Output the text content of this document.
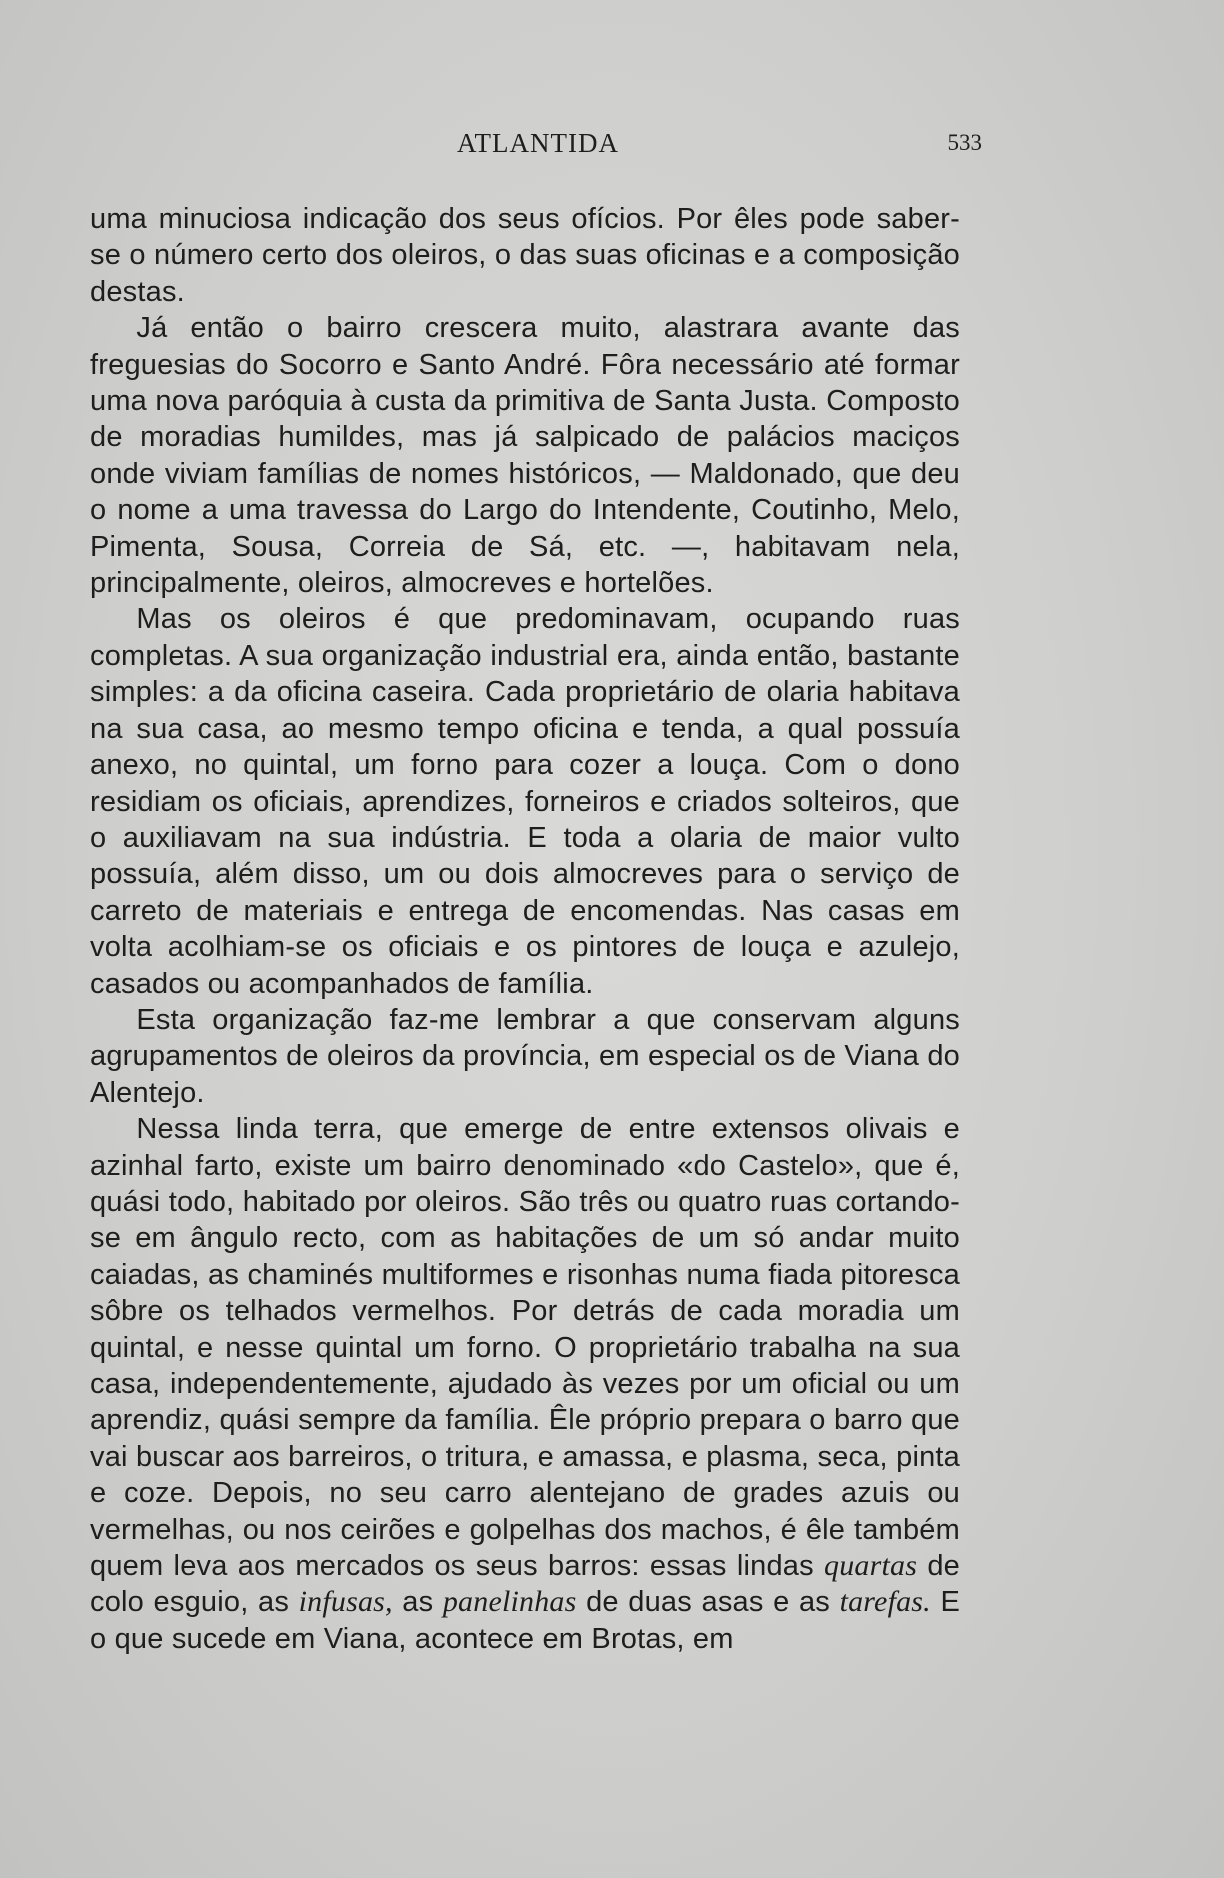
ATLANTIDA	533

uma minuciosa indicação dos seus ofícios. Por êles pode saber-se o número certo dos oleiros, o das suas oficinas e a composição destas.

Já então o bairro crescera muito, alastrara avante das freguesias do Socorro e Santo André. Fôra necessário até formar uma nova paróquia à custa da primitiva de Santa Justa. Composto de moradias humildes, mas já salpicado de palácios maciços onde viviam famílias de nomes históricos, — Maldonado, que deu o nome a uma travessa do Largo do Intendente, Coutinho, Melo, Pimenta, Sousa, Correia de Sá, etc. —, habitavam nela, principalmente, oleiros, almocreves e hortelões.

Mas os oleiros é que predominavam, ocupando ruas completas. A sua organização industrial era, ainda então, bastante simples: a da oficina caseira. Cada proprietário de olaria habitava na sua casa, ao mesmo tempo oficina e tenda, a qual possuía anexo, no quintal, um forno para cozer a louça. Com o dono residiam os oficiais, aprendizes, forneiros e criados solteiros, que o auxiliavam na sua indústria. E toda a olaria de maior vulto possuía, além disso, um ou dois almocreves para o serviço de carreto de materiais e entrega de encomendas. Nas casas em volta acolhiam-se os oficiais e os pintores de louça e azulejo, casados ou acompanhados de família.

Esta organização faz-me lembrar a que conservam alguns agrupamentos de oleiros da província, em especial os de Viana do Alentejo.

Nessa linda terra, que emerge de entre extensos olivais e azinhal farto, existe um bairro denominado «do Castelo», que é, quási todo, habitado por oleiros. São três ou quatro ruas cortando-se em ângulo recto, com as habitações de um só andar muito caiadas, as chaminés multiformes e risonhas numa fiada pitoresca sôbre os telhados vermelhos. Por detrás de cada moradia um quintal, e nesse quintal um forno. O proprietário trabalha na sua casa, independentemente, ajudado às vezes por um oficial ou um aprendiz, quási sempre da família. Êle próprio prepara o barro que vai buscar aos barreiros, o tritura, e amassa, e plasma, seca, pinta e coze. Depois, no seu carro alentejano de grades azuis ou vermelhas, ou nos ceirões e golpelhas dos machos, é êle também quem leva aos mercados os seus barros: essas lindas quartas de colo esguio, as infusas, as panelinhas de duas asas e as tarefas. E o que sucede em Viana, acontece em Brotas, em
